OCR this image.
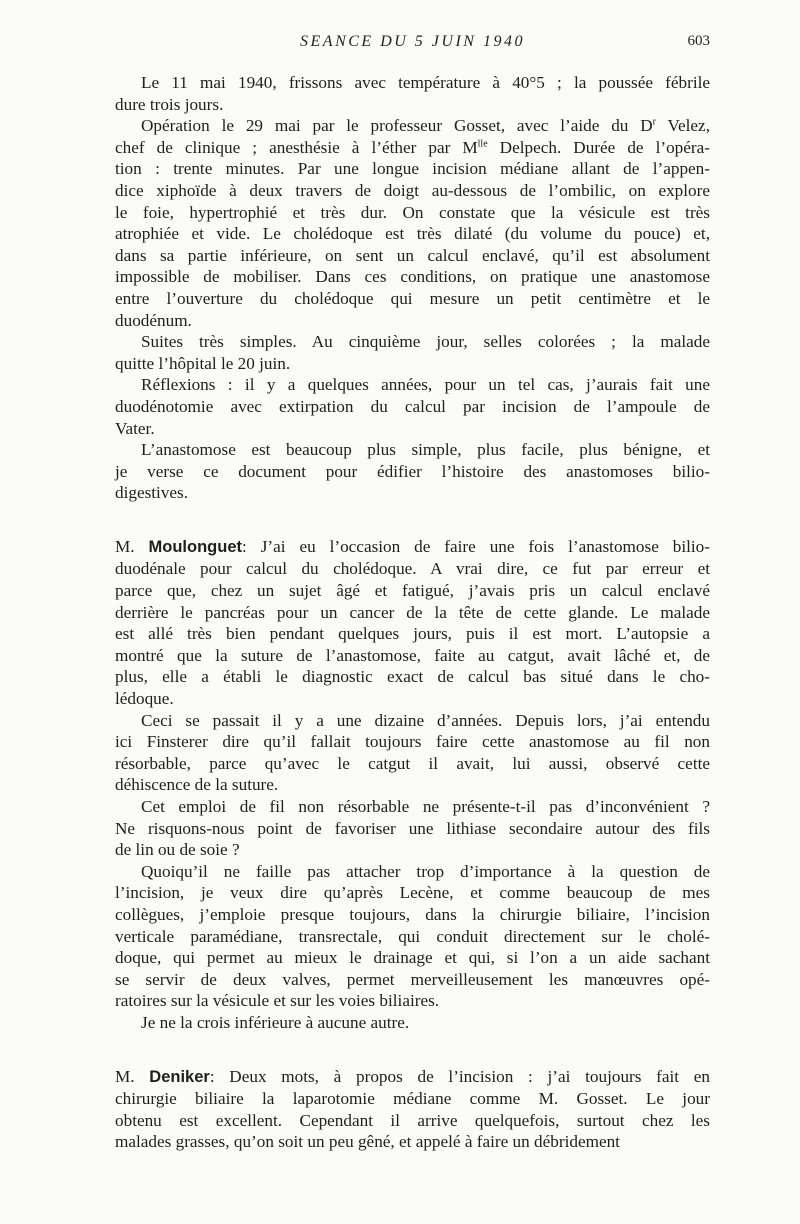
SEANCE DU 5 JUIN 1940	603

Le 11 mai 1940, frissons avec température à 40°5 ; la poussée fébrile
dure trois jours.

Opération le 29 mai par le professeur Gosset, avec l’aide du $D^r$ Velez,
chef de clinique ; anesthésie à l’éther par $M^{lle}$ Delpech. Durée de l’opéra-
tion : trente minutes. Par une longue incision médiane allant de l’appen-
dice xiphoïde à deux travers de doigt au-dessous de l’ombilic, on explore
le foie, hypertrophié et très dur. On constate que la vésicule est très
atrophiée et vide. Le cholédoque est très dilaté (du volume du pouce) et,
dans sa partie inférieure, on sent un calcul enclavé, qu’il est absolument
impossible de mobiliser. Dans ces conditions, on pratique une anastomose
entre l’ouverture du cholédoque qui mesure un petit centimètre et le
duodénum.

Suites très simples. Au cinquième jour, selles colorées ; la malade
quitte l’hôpital le 20 juin.

Réflexions : il y a quelques années, pour un tel cas, j’aurais fait une
duodénotomie avec extirpation du calcul par incision de l’ampoule de
Vater.

L’anastomose est beaucoup plus simple, plus facile, plus bénigne, et
je verse ce document pour édifier l’histoire des anastomoses bilio-
digestives.

M. Moulonguet: J’ai eu l’occasion de faire une fois l’anastomose bilio-
duodénale pour calcul du cholédoque. A vrai dire, ce fut par erreur et
parce que, chez un sujet âgé et fatigué, j’avais pris un calcul enclavé
derrière le pancréas pour un cancer de la tête de cette glande. Le malade
est allé très bien pendant quelques jours, puis il est mort. L’autopsie a
montré que la suture de l’anastomose, faite au catgut, avait lâché et, de
plus, elle a établi le diagnostic exact de calcul bas situé dans le cho-
lédoque.

Ceci se passait il y a une dizaine d’années. Depuis lors, j’ai entendu
ici Finsterer dire qu’il fallait toujours faire cette anastomose au fil non
résorbable, parce qu’avec le catgut il avait, lui aussi, observé cette
déhiscence de la suture.

Cet emploi de fil non résorbable ne présente-t-il pas d’inconvénient ?
Ne risquons-nous point de favoriser une lithiase secondaire autour des fils
de lin ou de soie ?

Quoiqu’il ne faille pas attacher trop d’importance à la question de
l’incision, je veux dire qu’après Lecène, et comme beaucoup de mes
collègues, j’emploie presque toujours, dans la chirurgie biliaire, l’incision
verticale paramédiane, transrectale, qui conduit directement sur le cholé-
doque, qui permet au mieux le drainage et qui, si l’on a un aide sachant
se servir de deux valves, permet merveilleusement les manœuvres opé-
ratoires sur la vésicule et sur les voies biliaires.

Je ne la crois inférieure à aucune autre.

M. Deniker: Deux mots, à propos de l’incision : j’ai toujours fait en
chirurgie biliaire la laparotomie médiane comme M. Gosset. Le jour
obtenu est excellent. Cependant il arrive quelquefois, surtout chez les
malades grasses, qu’on soit un peu gêné, et appelé à faire un débridement
